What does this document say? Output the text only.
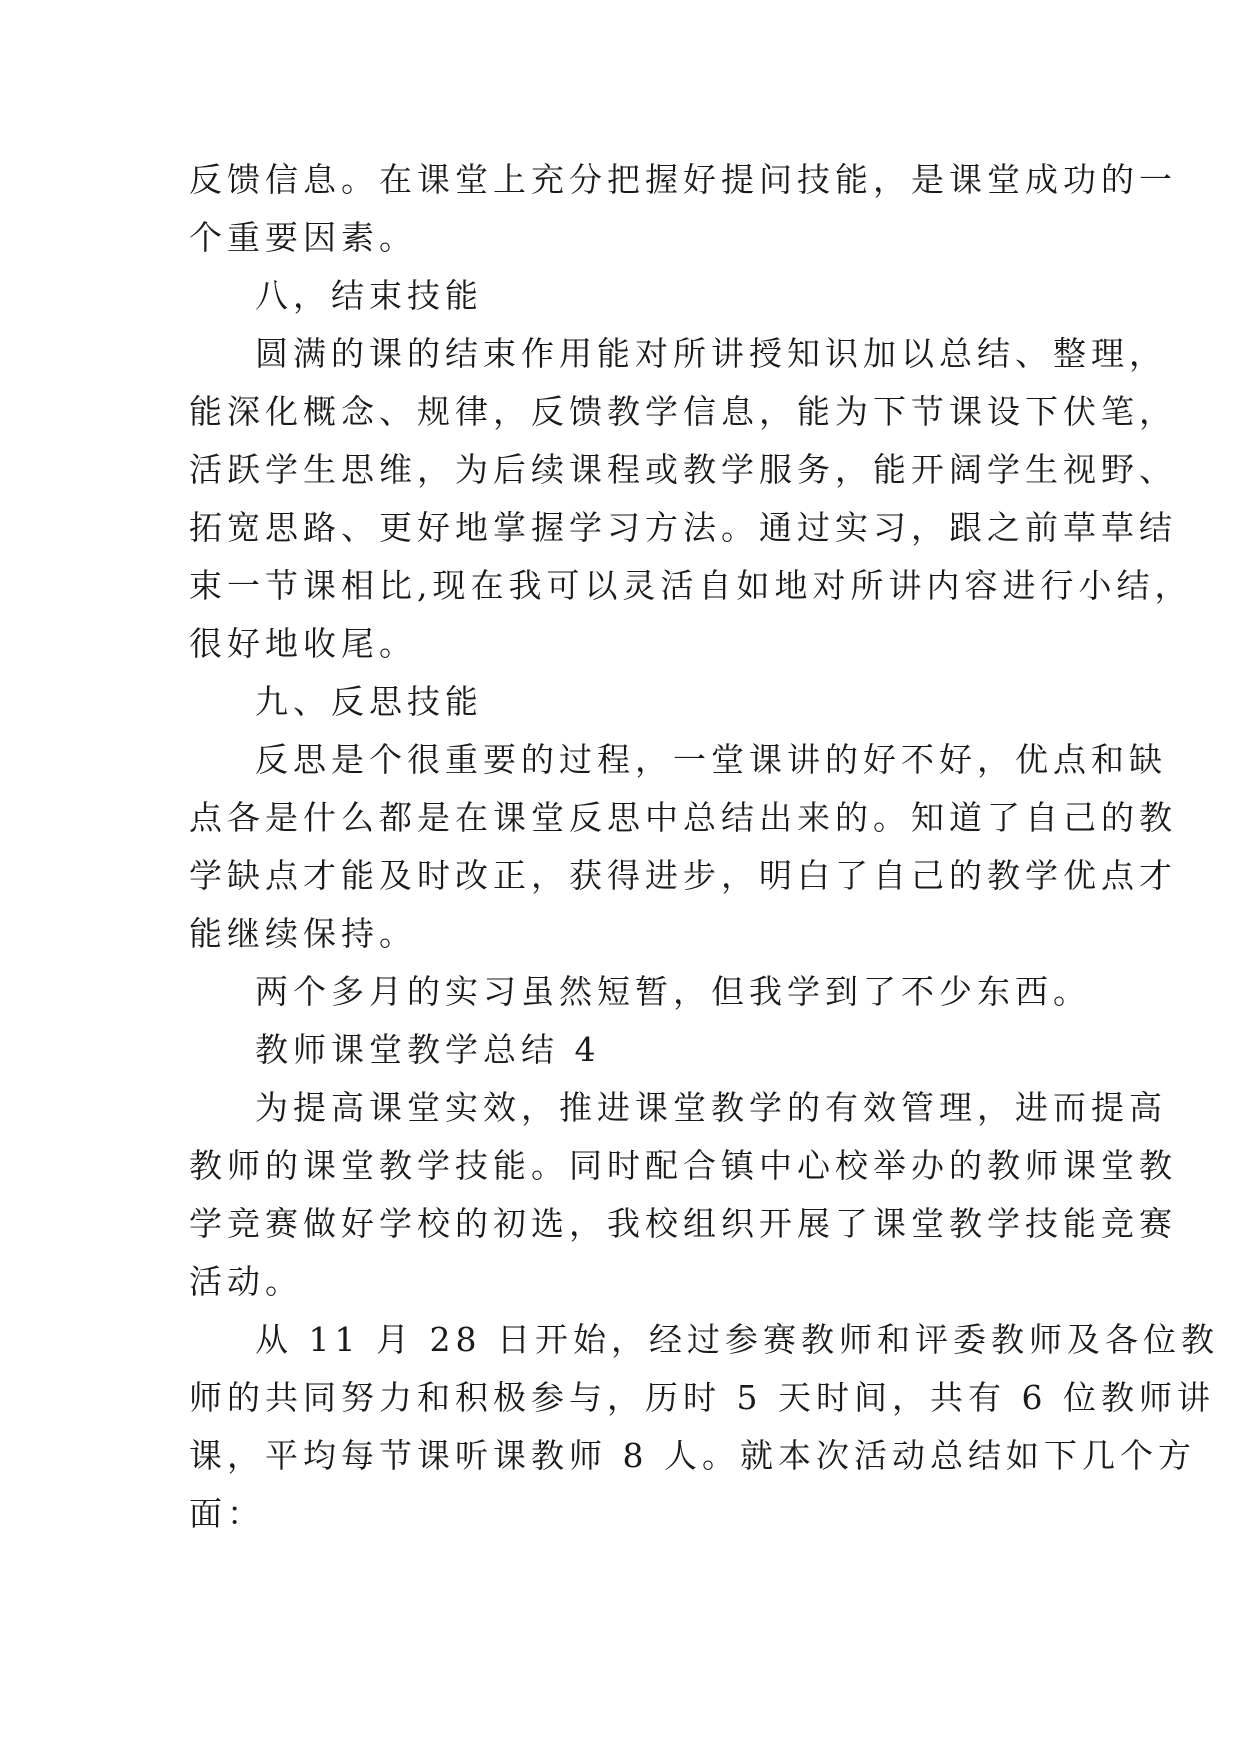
反馈信息。在课堂上充分把握好提问技能，是课堂成功的一
个重要因素。
八，结束技能
圆满的课的结束作用能对所讲授知识加以总结、整理，
能深化概念、规律，反馈教学信息，能为下节课设下伏笔，
活跃学生思维，为后续课程或教学服务，能开阔学生视野、
拓宽思路、更好地掌握学习方法。通过实习，跟之前草草结
束一节课相比,现在我可以灵活自如地对所讲内容进行小结，
很好地收尾。
九、反思技能
反思是个很重要的过程，一堂课讲的好不好，优点和缺
点各是什么都是在课堂反思中总结出来的。知道了自己的教
学缺点才能及时改正，获得进步，明白了自己的教学优点才
能继续保持。
两个多月的实习虽然短暂，但我学到了不少东西。
教师课堂教学总结 4
为提高课堂实效，推进课堂教学的有效管理，进而提高
教师的课堂教学技能。同时配合镇中心校举办的教师课堂教
学竞赛做好学校的初选，我校组织开展了课堂教学技能竞赛
活动。
从 11 月 28 日开始，经过参赛教师和评委教师及各位教
师的共同努力和积极参与，历时 5 天时间，共有 6 位教师讲
课，平均每节课听课教师 8 人。就本次活动总结如下几个方
面：
